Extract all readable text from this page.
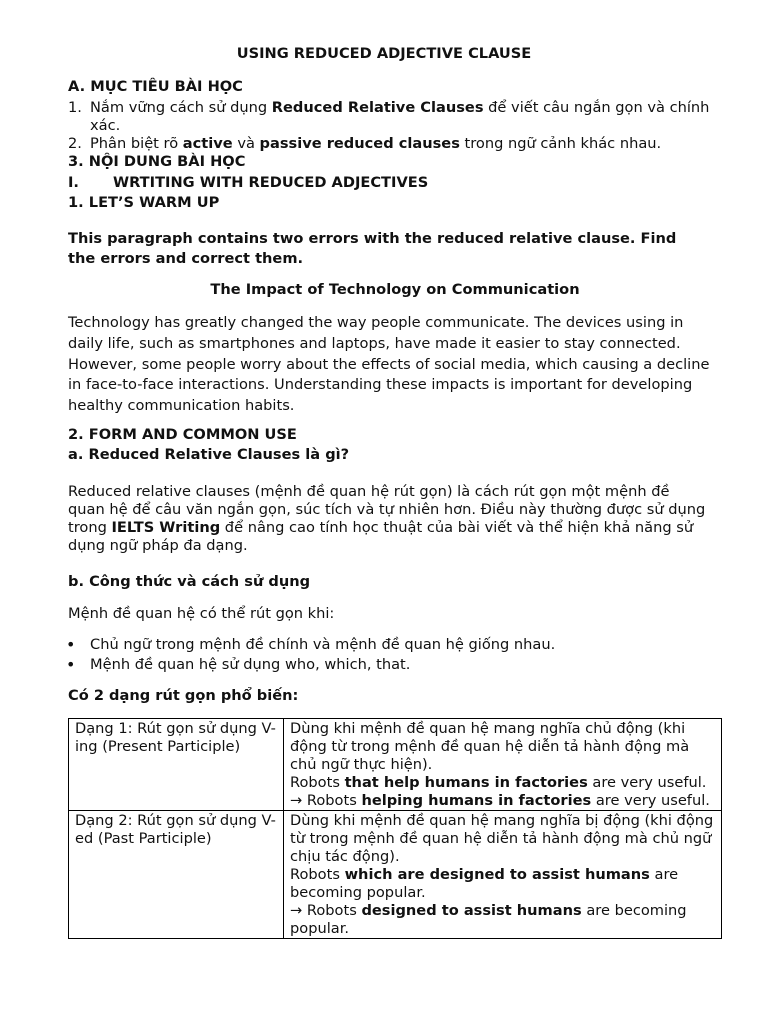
USING REDUCED ADJECTIVE CLAUSE
A. MỤC TIÊU BÀI HỌC
1. Nắm vững cách sử dụng Reduced Relative Clauses để viết câu ngắn gọn và chính xác.
2. Phân biệt rõ active và passive reduced clauses trong ngữ cảnh khác nhau.
3. NỘI DUNG BÀI HỌC
I. WRTITING WITH REDUCED ADJECTIVES
1. LET’S WARM UP
This paragraph contains two errors with the reduced relative clause. Find the errors and correct them.
The Impact of Technology on Communication
Technology has greatly changed the way people communicate. The devices using in daily life, such as smartphones and laptops, have made it easier to stay connected. However, some people worry about the effects of social media, which causing a decline in face-to-face interactions. Understanding these impacts is important for developing healthy communication habits.
2. FORM AND COMMON USE
a. Reduced Relative Clauses là gì?
Reduced relative clauses (mệnh đề quan hệ rút gọn) là cách rút gọn một mệnh đề quan hệ để câu văn ngắn gọn, súc tích và tự nhiên hơn. Điều này thường được sử dụng trong IELTS Writing để nâng cao tính học thuật của bài viết và thể hiện khả năng sử dụng ngữ pháp đa dạng.
b. Công thức và cách sử dụng
Mệnh đề quan hệ có thể rút gọn khi:
• Chủ ngữ trong mệnh đề chính và mệnh đề quan hệ giống nhau.
• Mệnh đề quan hệ sử dụng who, which, that.
Có 2 dạng rút gọn phổ biến:
Dạng 1: Rút gọn sử dụng V-ing (Present Participle)	Dùng khi mệnh đề quan hệ mang nghĩa chủ động (khi động từ trong mệnh đề quan hệ diễn tả hành động mà chủ ngữ thực hiện).
Robots that help humans in factories are very useful.
→ Robots helping humans in factories are very useful.

Dạng 2: Rút gọn sử dụng V-ed (Past Participle)	Dùng khi mệnh đề quan hệ mang nghĩa bị động (khi động từ trong mệnh đề quan hệ diễn tả hành động mà chủ ngữ chịu tác động).
Robots which are designed to assist humans are becoming popular.
→ Robots designed to assist humans are becoming popular.
